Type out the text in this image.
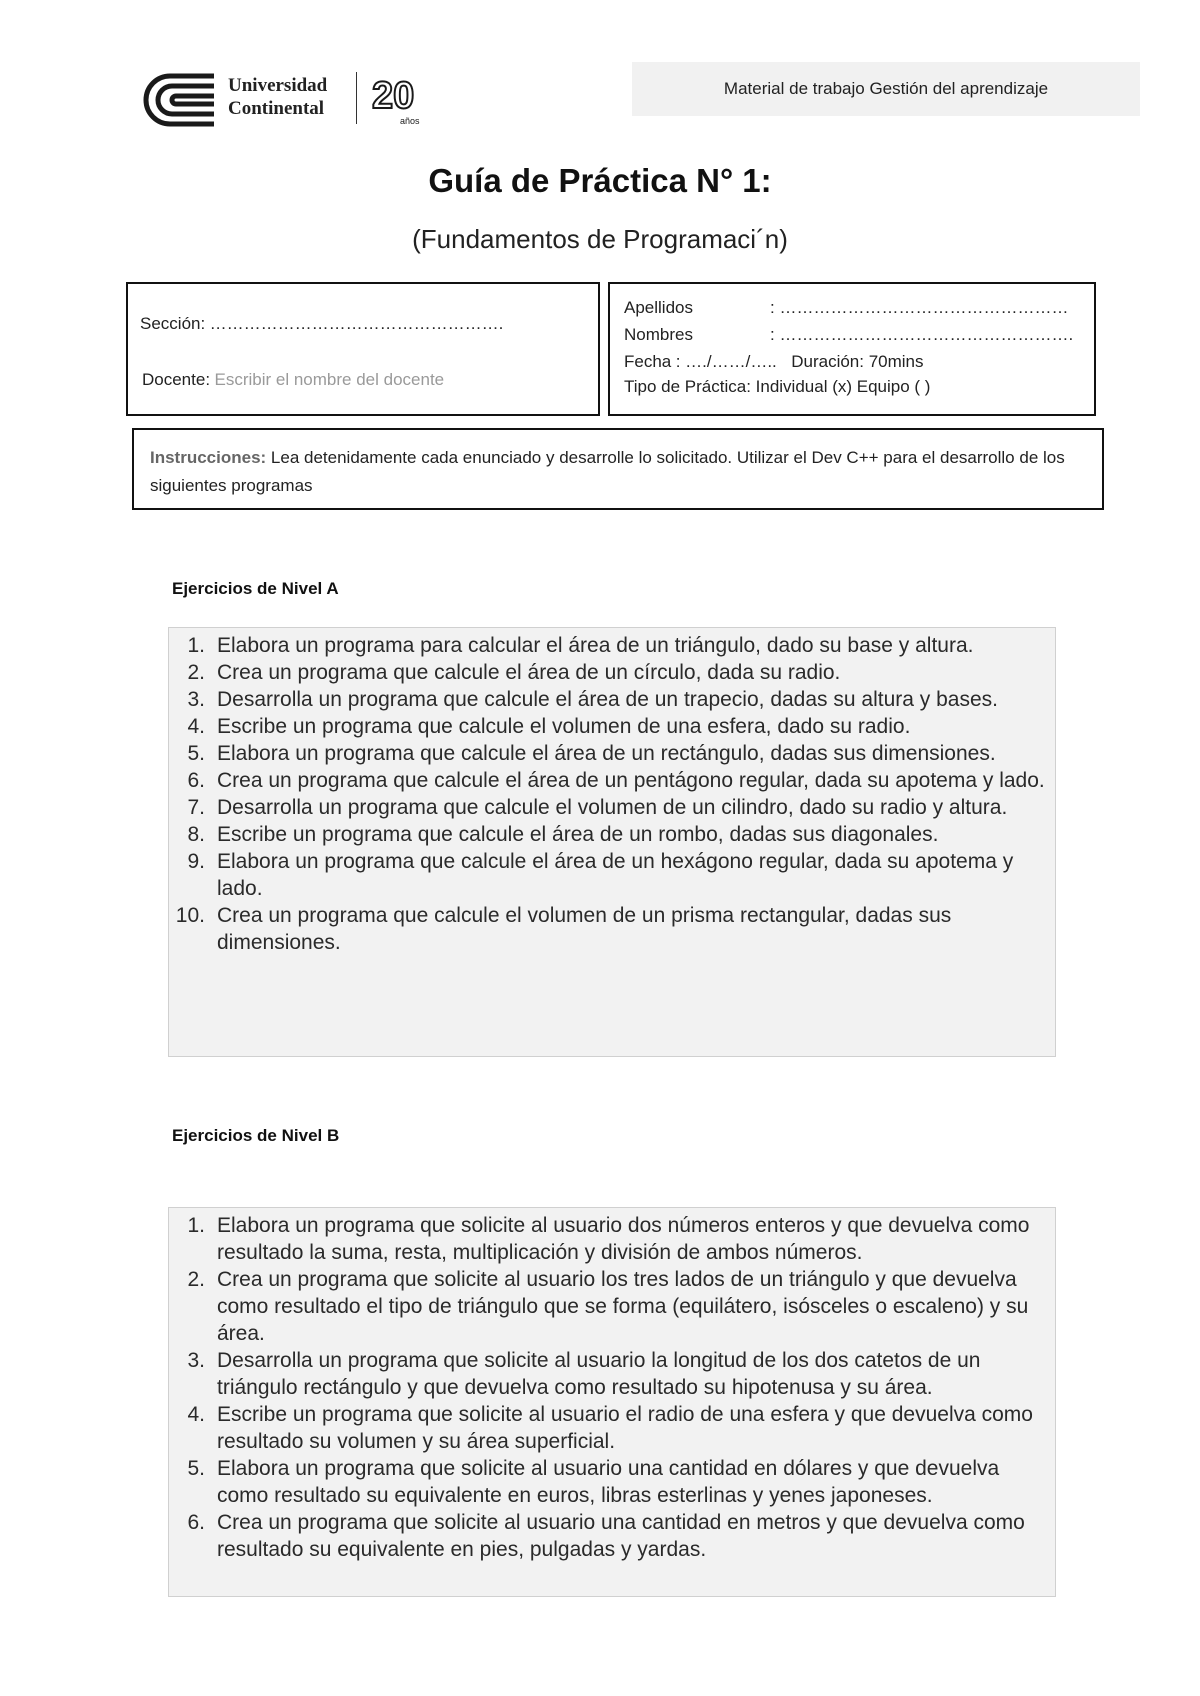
Universidad
Continental 20
años
Material de trabajo Gestión del aprendizaje
Guía de Práctica N° 1:
(Fundamentos de Programaci´n)
Sección: …………………………………………….
Docente: Escribir el nombre del docente
Apellidos	: ……………………………………………
Nombres	: …………………………………………….
Fecha : …./……/….. Duración: 70mins
Tipo de Práctica: Individual (x) Equipo ( )
Instrucciones: Lea detenidamente cada enunciado y desarrolle lo solicitado. Utilizar el Dev C++ para el desarrollo de los siguientes programas
Ejercicios de Nivel A
1. Elabora un programa para calcular el área de un triángulo, dado su base y altura.
2. Crea un programa que calcule el área de un círculo, dada su radio.
3. Desarrolla un programa que calcule el área de un trapecio, dadas su altura y bases.
4. Escribe un programa que calcule el volumen de una esfera, dado su radio.
5. Elabora un programa que calcule el área de un rectángulo, dadas sus dimensiones.
6. Crea un programa que calcule el área de un pentágono regular, dada su apotema y lado.
7. Desarrolla un programa que calcule el volumen de un cilindro, dado su radio y altura.
8. Escribe un programa que calcule el área de un rombo, dadas sus diagonales.
9. Elabora un programa que calcule el área de un hexágono regular, dada su apotema y lado.
10. Crea un programa que calcule el volumen de un prisma rectangular, dadas sus dimensiones.
Ejercicios de Nivel B
1. Elabora un programa que solicite al usuario dos números enteros y que devuelva como resultado la suma, resta, multiplicación y división de ambos números.
2. Crea un programa que solicite al usuario los tres lados de un triángulo y que devuelva como resultado el tipo de triángulo que se forma (equilátero, isósceles o escaleno) y su área.
3. Desarrolla un programa que solicite al usuario la longitud de los dos catetos de un triángulo rectángulo y que devuelva como resultado su hipotenusa y su área.
4. Escribe un programa que solicite al usuario el radio de una esfera y que devuelva como resultado su volumen y su área superficial.
5. Elabora un programa que solicite al usuario una cantidad en dólares y que devuelva como resultado su equivalente en euros, libras esterlinas y yenes japoneses.
6. Crea un programa que solicite al usuario una cantidad en metros y que devuelva como resultado su equivalente en pies, pulgadas y yardas.
